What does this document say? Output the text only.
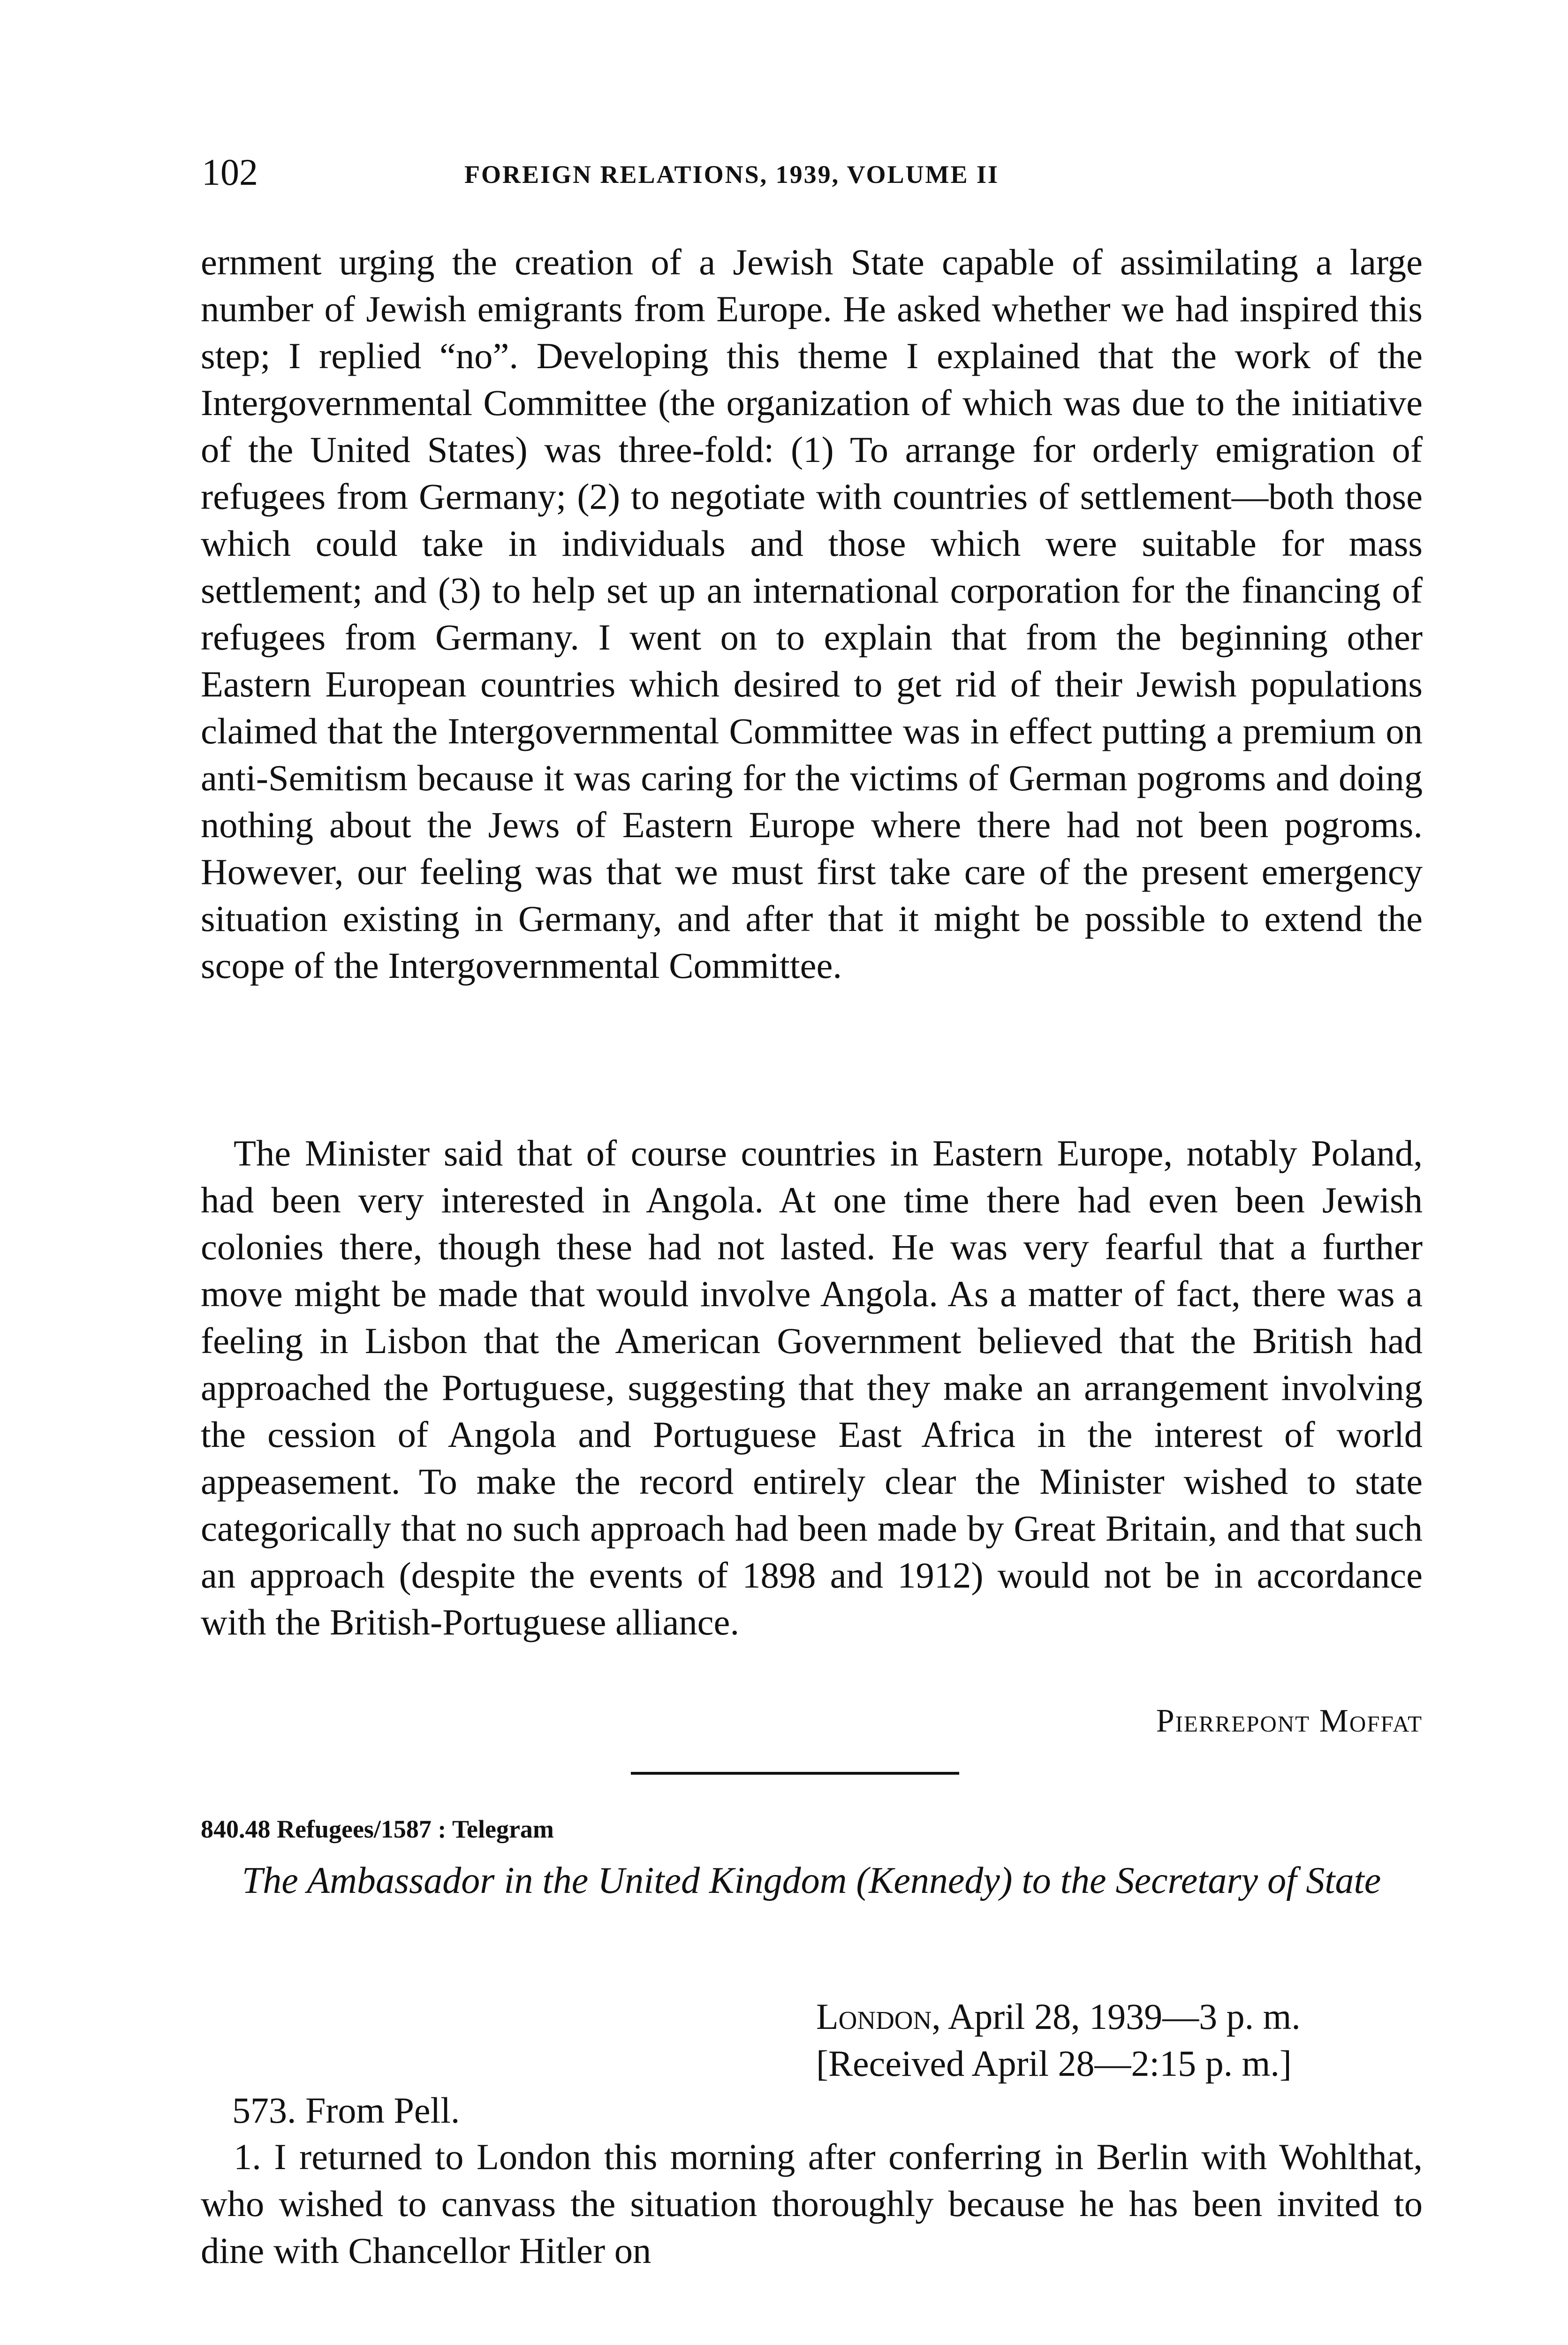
102	FOREIGN RELATIONS, 1939, VOLUME II

ernment urging the creation of a Jewish State capable of assimilating a large number of Jewish emigrants from Europe. He asked whether we had inspired this step; I replied “no”. Developing this theme I explained that the work of the Intergovernmental Committee (the organization of which was due to the initiative of the United States) was three-fold: (1) To arrange for orderly emigration of refugees from Germany; (2) to negotiate with countries of settlement—both those which could take in individuals and those which were suitable for mass settlement; and (3) to help set up an international corporation for the financing of refugees from Germany. I went on to explain that from the beginning other Eastern European countries which desired to get rid of their Jewish populations claimed that the Intergovernmental Committee was in effect putting a premium on anti-Semitism because it was caring for the victims of German pogroms and doing nothing about the Jews of Eastern Europe where there had not been pogroms. However, our feeling was that we must first take care of the present emergency situation existing in Germany, and after that it might be possible to extend the scope of the Intergovernmental Committee.

The Minister said that of course countries in Eastern Europe, notably Poland, had been very interested in Angola. At one time there had even been Jewish colonies there, though these had not lasted. He was very fearful that a further move might be made that would involve Angola. As a matter of fact, there was a feeling in Lisbon that the American Government believed that the British had approached the Portuguese, suggesting that they make an arrangement involving the cession of Angola and Portuguese East Africa in the interest of world appeasement. To make the record entirely clear the Minister wished to state categorically that no such approach had been made by Great Britain, and that such an approach (despite the events of 1898 and 1912) would not be in accordance with the British-Portuguese alliance.

Pierrepont Moffat
840.48 Refugees/1587 : Telegram
The Ambassador in the United Kingdom (Kennedy) to the Secretary of State
London, April 28, 1939—3 p. m.
[Received April 28—2:15 p. m.]
573. From Pell.

1. I returned to London this morning after conferring in Berlin with Wohlthat, who wished to canvass the situation thoroughly because he has been invited to dine with Chancellor Hitler on
